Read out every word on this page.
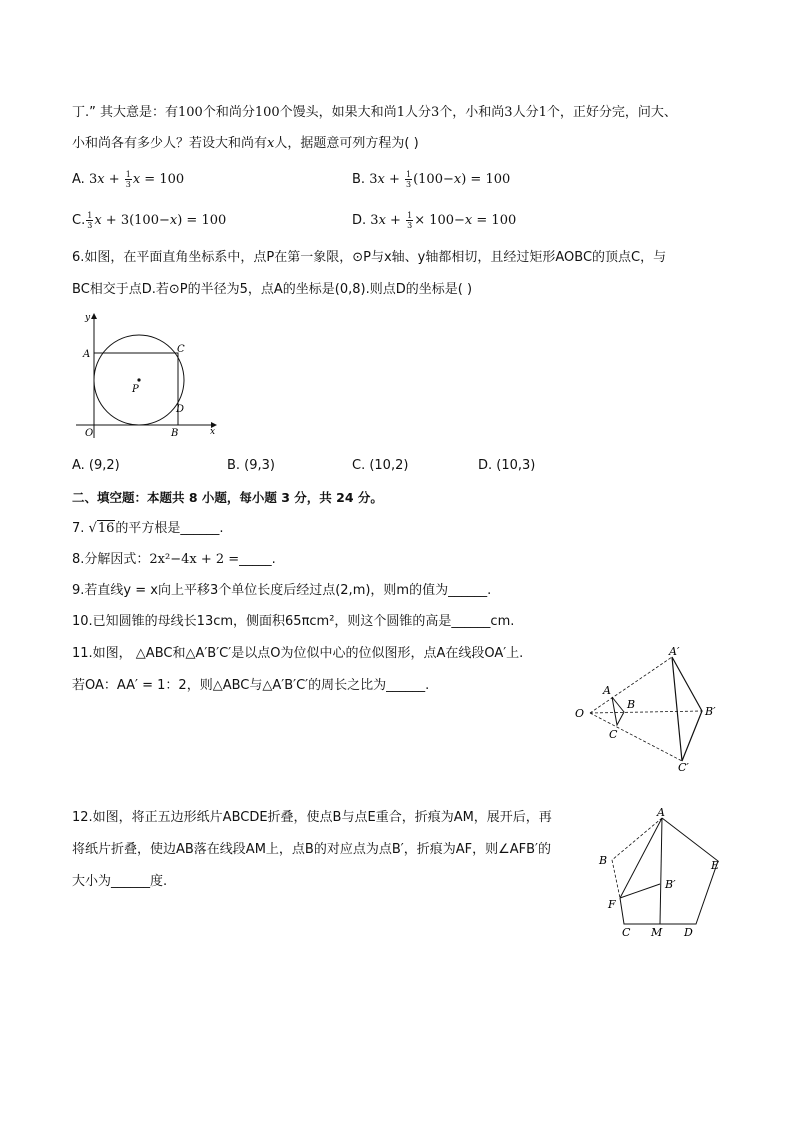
丁.” 其大意是：有100个和尚分100个馒头，如果大和尚1人分3个，小和尚3人分1个，正好分完，问大、
小和尚各有多少人？若设大和尚有x人，据题意可列方程为( )
A. $3x + \frac{1}{3}$ x = 100	B. $3x + \frac{1}{3} (100-x) = 100$
C. $\frac{1}{3}$ x + 3(100−x) = 100	D. $3x + \frac{1}{3} \times 100-x = 100$
6.如图，在平面直角坐标系中，点P在第一象限，⊙P与x轴、y轴都相切，且经过矩形AOBC的顶点C，与
BC相交于点D.若⊙P的半径为5，点A的坐标是(0,8).则点D的坐标是( )
y
x
A	C
P
D
O	B
A. (9,2)	B. (9,3)	C. (10,2)	D. (10,3)
二、填空题：本题共 8 小题，每小题 3 分，共 24 分。
7. √16的平方根是______.
8.分解因式：2x²−4x + 2 =_____.
9.若直线y = x向上平移3个单位长度后经过点(2,m)，则m的值为______.
10.已知圆锥的母线长13cm，侧面积65πcm²，则这个圆锥的高是______cm.
11.如图， △ABC和△A′B′C′是以点O为位似中心的位似图形，点A在线段OA′上.
若OA：AA′ = 1：2，则△ABC与△A′B′C′的周长之比为______.
A′
A
B
B′
O
C
C′
12.如图，将正五边形纸片ABCDE折叠，使点B与点E重合，折痕为AM，展开后，再
将纸片折叠，使边AB落在线段AM上，点B的对应点为点B′，折痕为AF，则∠AFB′的
大小为______度.
A
B	E
B′
F
C M D
